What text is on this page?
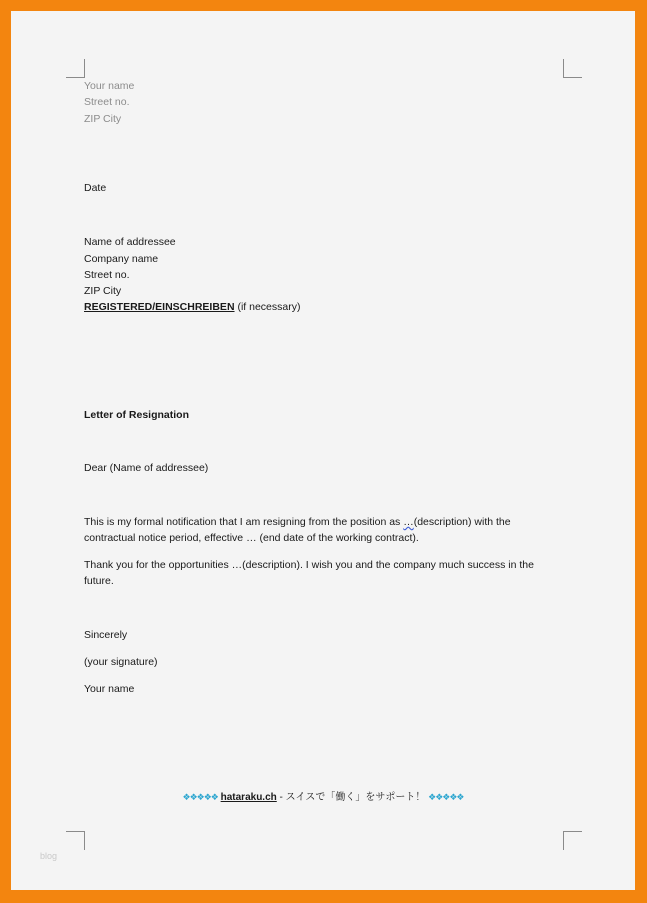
Your name
Street no.
ZIP City
Date
Name of addressee
Company name
Street no.
ZIP City
REGISTERED/EINSCHREIBEN (if necessary)
Letter of Resignation
Dear (Name of addressee)
This is my formal notification that I am resigning from the position as …(description) with the
contractual notice period, effective … (end date of the working contract).
Thank you for the opportunities …(description). I wish you and the company much success in the
future.
Sincerely
(your signature)
Your name
❖❖❖❖❖ hataraku.ch - スイスで「働く」をサポート！ ❖❖❖❖❖
blog
